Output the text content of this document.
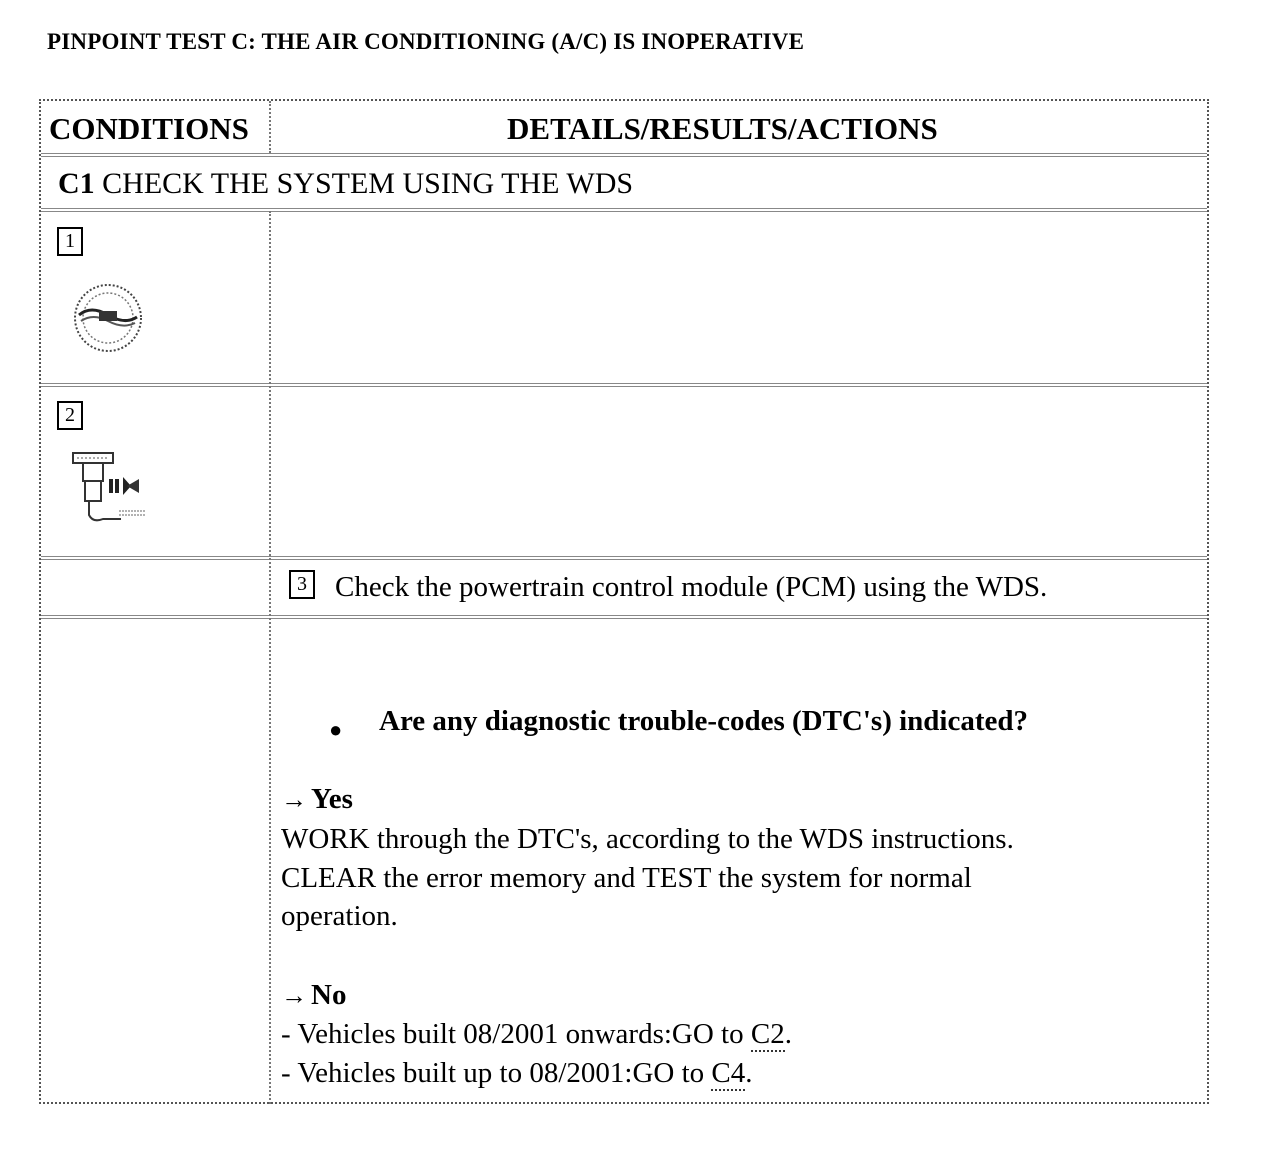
PINPOINT TEST C: THE AIR CONDITIONING (A/C) IS INOPERATIVE
CONDITIONS	DETAILS/RESULTS/ACTIONS
C1 CHECK THE SYSTEM USING THE WDS
1
2
3 Check the powertrain control module (PCM) using the WDS.
● Are any diagnostic trouble-codes (DTC's) indicated?
→ Yes
WORK through the DTC's, according to the WDS instructions.
CLEAR the error memory and TEST the system for normal
operation.
→ No
- Vehicles built 08/2001 onwards:GO to C2.
- Vehicles built up to 08/2001:GO to C4.
